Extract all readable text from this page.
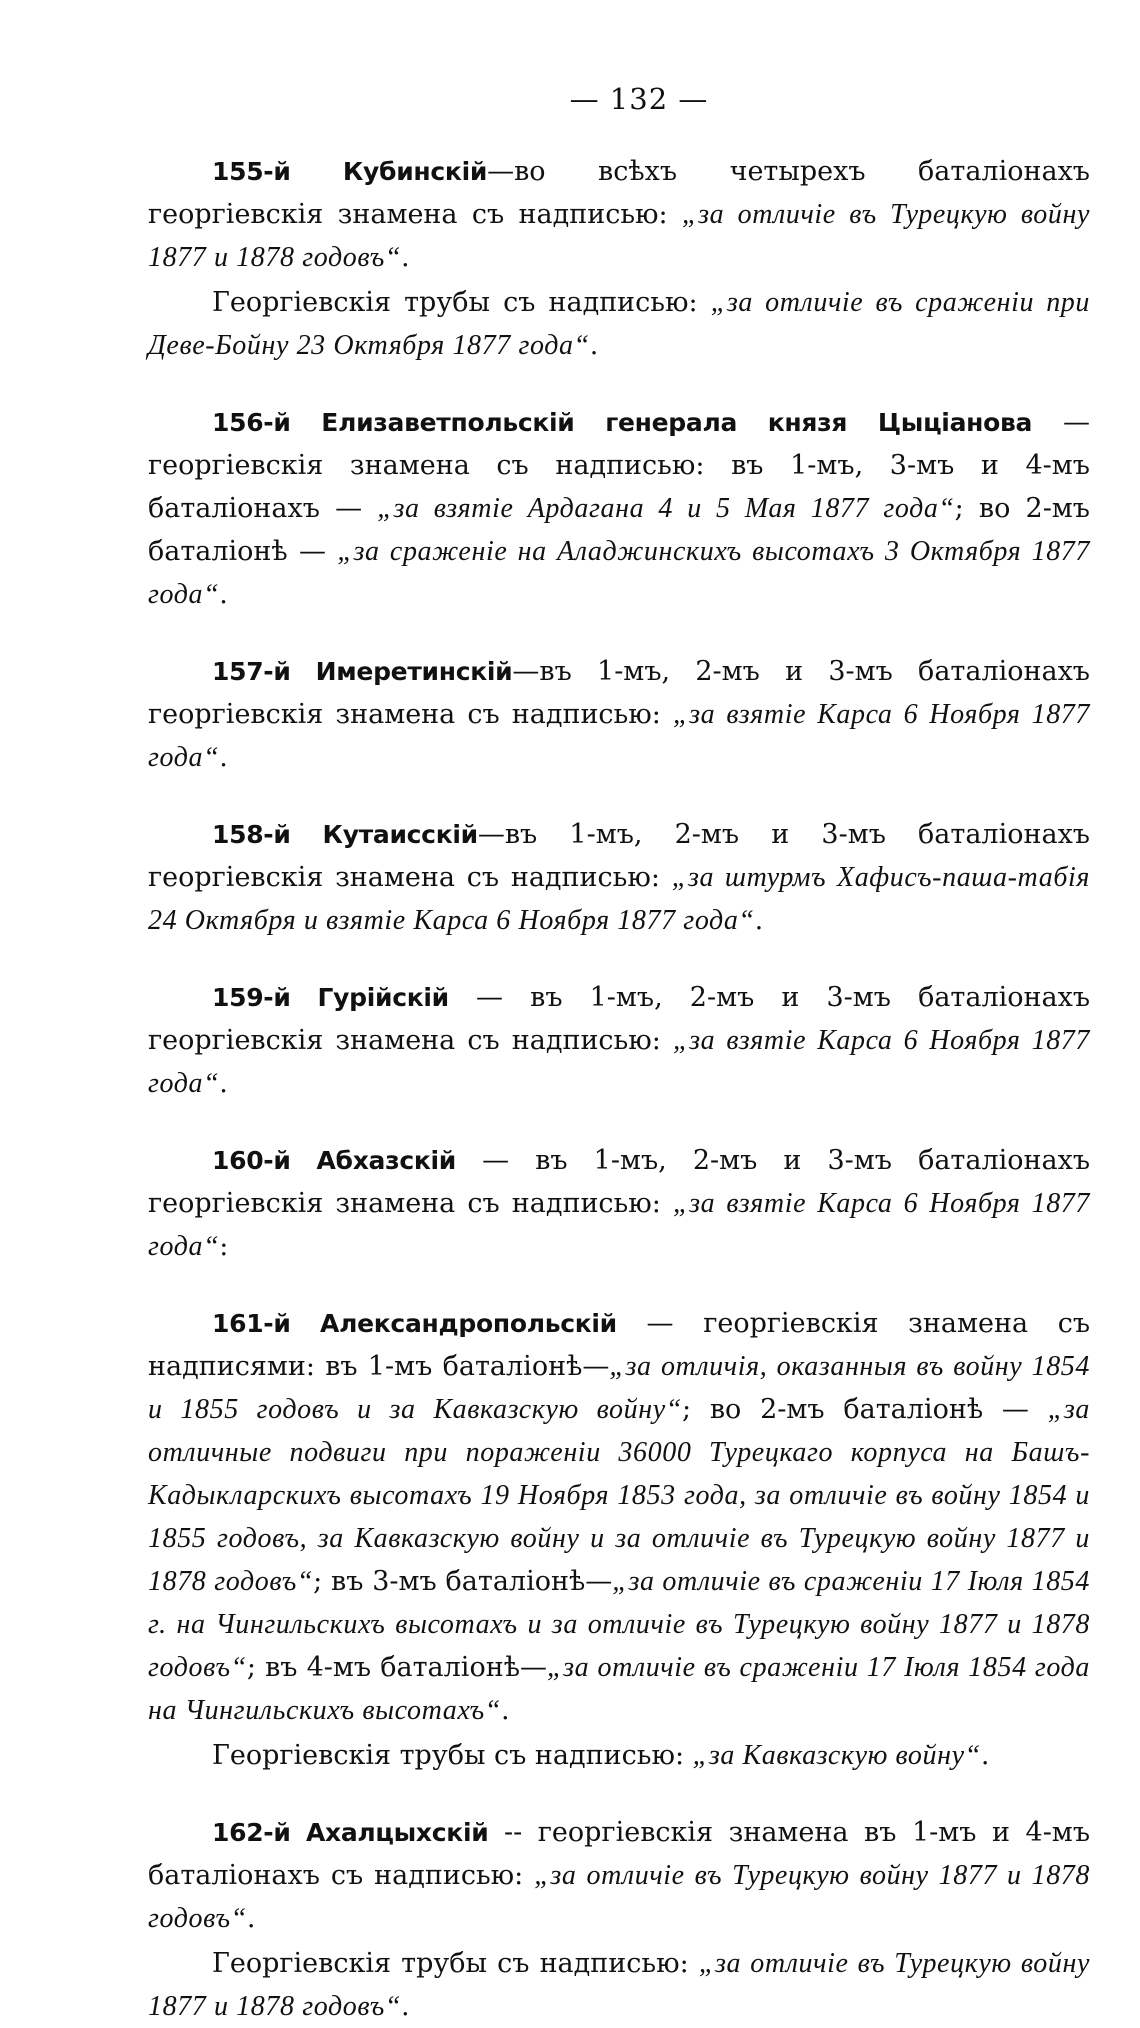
— 132 —

155-й Кубинскій—во всѣхъ четырехъ баталіонахъ георгіевскія знамена съ надписью: „за отличіе въ Турецкую войну 1877 и 1878 годовъ“.

Георгіевскія трубы съ надписью: „за отличіе въ сраженіи при Деве-Бойну 23 Октября 1877 года“.

156-й Елизаветпольскій генерала князя Цыціанова — георгіевскія знамена съ надписью: въ 1-мъ, 3-мъ и 4-мъ баталіонахъ — „за взятіе Ардагана 4 и 5 Мая 1877 года“; во 2-мъ баталіонѣ — „за сраженіе на Аладжинскихъ высотахъ 3 Октября 1877 года“.

157-й Имеретинскій—въ 1-мъ, 2-мъ и 3-мъ баталіонахъ георгіевскія знамена съ надписью: „за взятіе Карса 6 Ноября 1877 года“.

158-й Кутаисскій—въ 1-мъ, 2-мъ и 3-мъ баталіонахъ георгіевскія знамена съ надписью: „за штурмъ Хафисъ-паша-табія 24 Октября и взятіе Карса 6 Ноября 1877 года“.

159-й Гурійскій — въ 1-мъ, 2-мъ и 3-мъ баталіонахъ георгіевскія знамена съ надписью: „за взятіе Карса 6 Ноября 1877 года“.

160-й Абхазскій — въ 1-мъ, 2-мъ и 3-мъ баталіонахъ георгіевскія знамена съ надписью: „за взятіе Карса 6 Ноября 1877 года“:

161-й Александропольскій — георгіевскія знамена съ надписями: въ 1-мъ баталіонѣ—„за отличія, оказанныя въ войну 1854 и 1855 годовъ и за Кавказскую войну“; во 2-мъ баталіонѣ — „за отличные подвиги при пораженіи 36000 Турецкаго корпуса на Башъ-Кадыкларскихъ высотахъ 19 Ноября 1853 года, за отличіе въ войну 1854 и 1855 годовъ, за Кавказскую войну и за отличіе въ Турецкую войну 1877 и 1878 годовъ“; въ 3-мъ баталіонѣ—„за отличіе въ сраженіи 17 Іюля 1854 г. на Чингильскихъ высотахъ и за отличіе въ Турецкую войну 1877 и 1878 годовъ“; въ 4-мъ баталіонѣ—„за отличіе въ сраженіи 17 Іюля 1854 года на Чингильскихъ высотахъ“.

Георгіевскія трубы съ надписью: „за Кавказскую войну“.

162-й Ахалцыхскій -- георгіевскія знамена въ 1-мъ и 4-мъ баталіонахъ съ надписью: „за отличіе въ Турецкую войну 1877 и 1878 годовъ“.

Георгіевскія трубы съ надписью: „за отличіе въ Турецкую войну 1877 и 1878 годовъ“.
